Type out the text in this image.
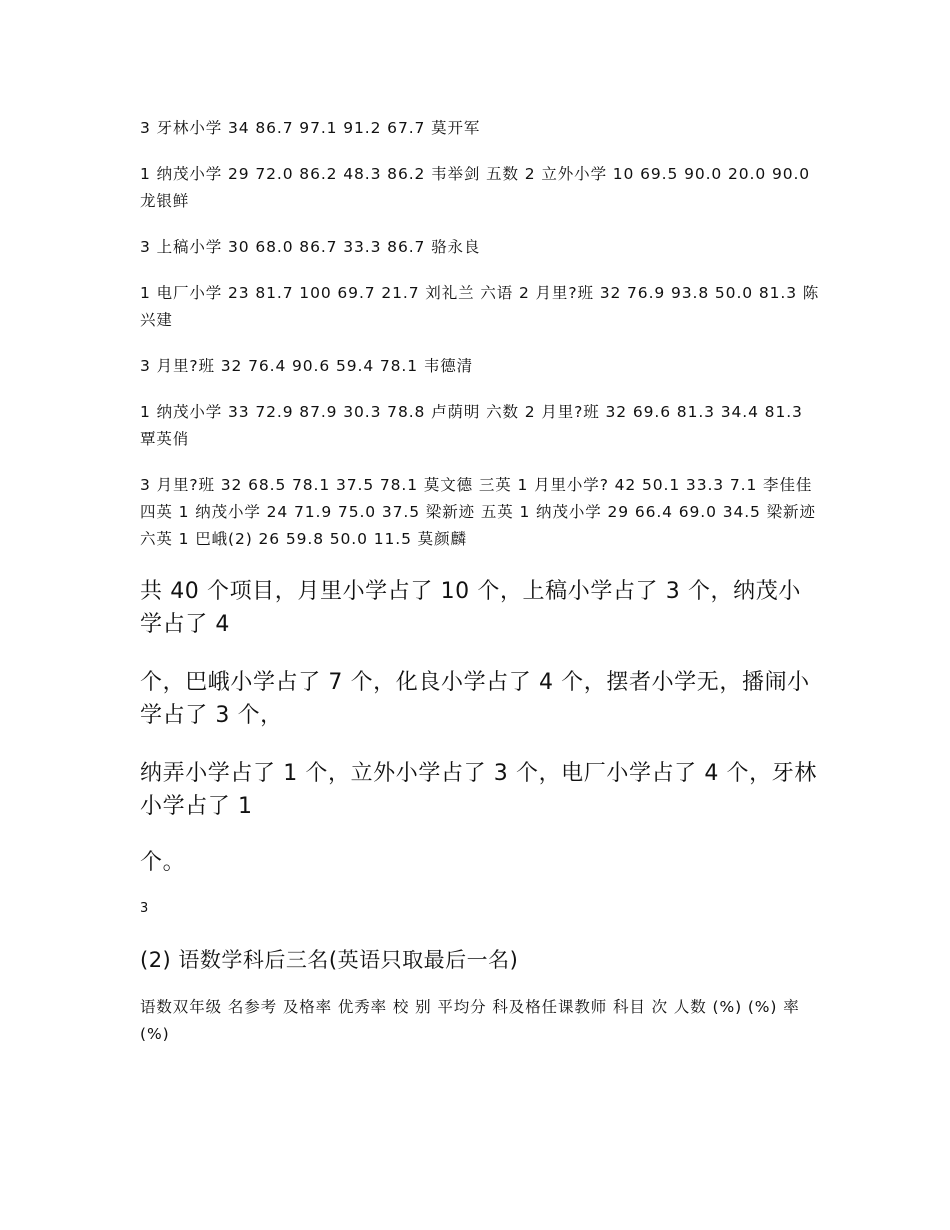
3 牙林小学 34 86.7 97.1 91.2 67.7 莫开军

1 纳茂小学 29 72.0 86.2 48.3 86.2 韦举剑 五数 2 立外小学 10 69.5 90.0 20.0 90.0 龙银鲜

3 上稿小学 30 68.0 86.7 33.3 86.7 骆永良

1 电厂小学 23 81.7 100 69.7 21.7 刘礼兰 六语 2 月里?班 32 76.9 93.8 50.0 81.3 陈兴建

3 月里?班 32 76.4 90.6 59.4 78.1 韦德清

1 纳茂小学 33 72.9 87.9 30.3 78.8 卢荫明 六数 2 月里?班 32 69.6 81.3 34.4 81.3 覃英俏

3 月里?班 32 68.5 78.1 37.5 78.1 莫文德 三英 1 月里小学? 42 50.1 33.3 7.1 李佳佳 四英 1 纳茂小学 24 71.9 75.0 37.5 梁新迹 五英 1 纳茂小学 29 66.4 69.0 34.5 梁新迹 六英 1 巴峨(2) 26 59.8 50.0 11.5 莫颜麟

共 40 个项目，月里小学占了 10 个，上稿小学占了 3 个，纳茂小学占了 4

个，巴峨小学占了 7 个，化良小学占了 4 个，摆者小学无，播闹小学占了 3 个，

纳弄小学占了 1 个，立外小学占了 3 个，电厂小学占了 4 个，牙林小学占了 1

个。

3
(2) 语数学科后三名(英语只取最后一名)

语数双年级 名参考 及格率 优秀率 校 别 平均分 科及格任课教师 科目 次 人数 (%) (%) 率(%)
